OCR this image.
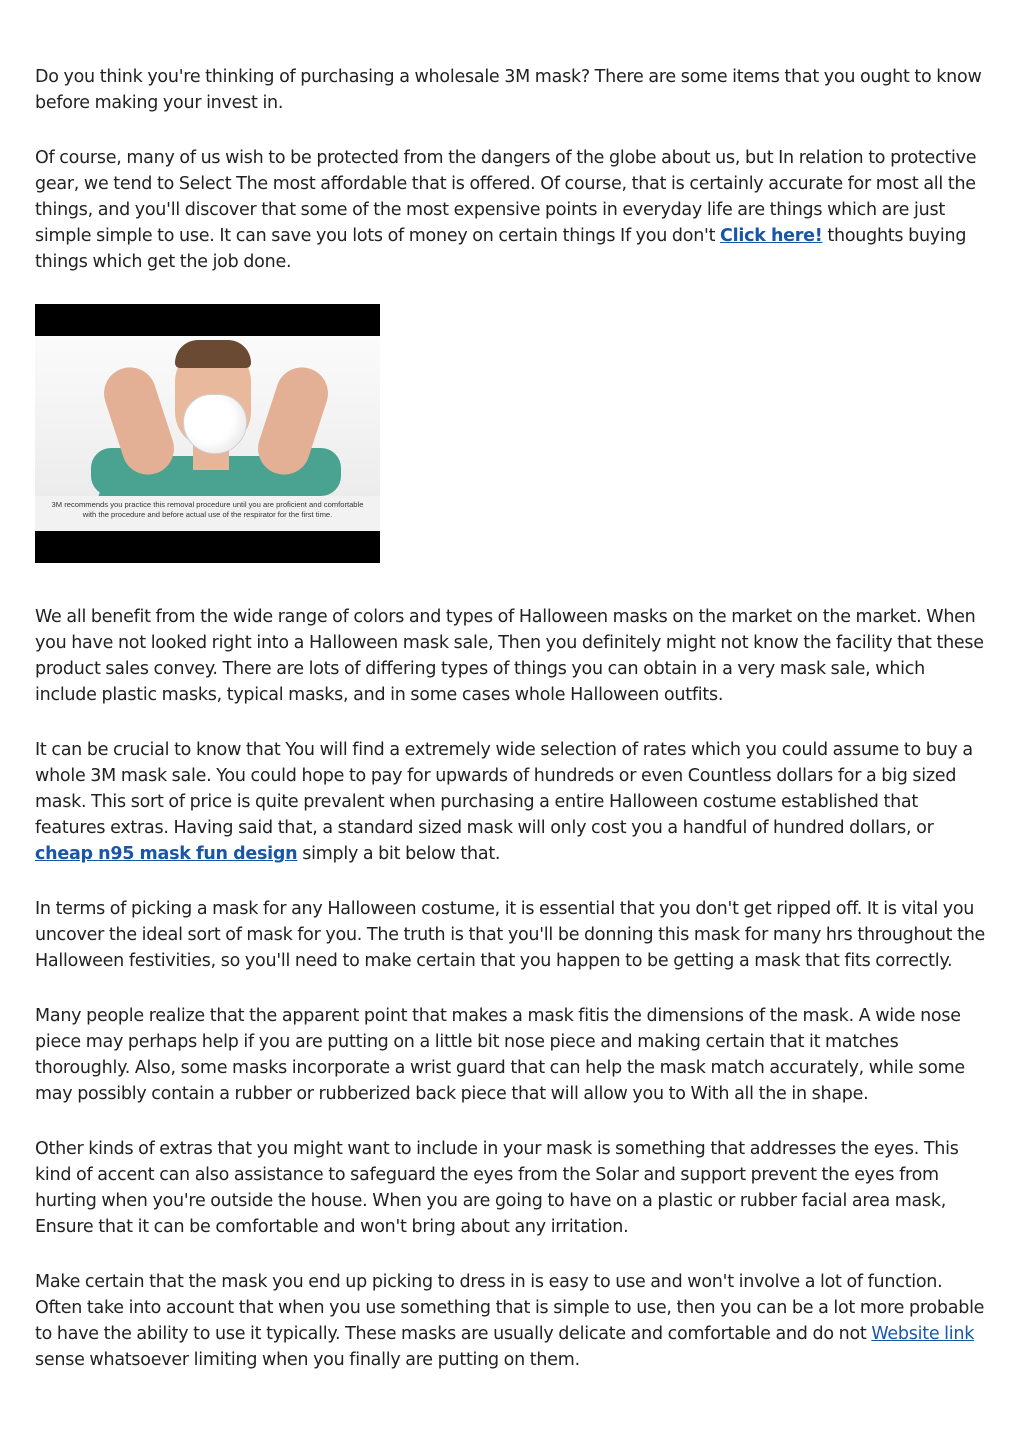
Do you think you're thinking of purchasing a wholesale 3M mask? There are some items that you ought to know before making your invest in.

Of course, many of us wish to be protected from the dangers of the globe about us, but In relation to protective gear, we tend to Select The most affordable that is offered. Of course, that is certainly accurate for most all the things, and you'll discover that some of the most expensive points in everyday life are things which are just simple simple to use. It can save you lots of money on certain things If you don't Click here! thoughts buying things which get the job done.

3M recommends you practice this removal procedure until you are proficient and comfortable
with the procedure and before actual use of the respirator for the first time.

We all benefit from the wide range of colors and types of Halloween masks on the market on the market. When you have not looked right into a Halloween mask sale, Then you definitely might not know the facility that these product sales convey. There are lots of differing types of things you can obtain in a very mask sale, which include plastic masks, typical masks, and in some cases whole Halloween outfits.

It can be crucial to know that You will find a extremely wide selection of rates which you could assume to buy a whole 3M mask sale. You could hope to pay for upwards of hundreds or even Countless dollars for a big sized mask. This sort of price is quite prevalent when purchasing a entire Halloween costume established that features extras. Having said that, a standard sized mask will only cost you a handful of hundred dollars, or cheap n95 mask fun design simply a bit below that.

In terms of picking a mask for any Halloween costume, it is essential that you don't get ripped off. It is vital you uncover the ideal sort of mask for you. The truth is that you'll be donning this mask for many hrs throughout the Halloween festivities, so you'll need to make certain that you happen to be getting a mask that fits correctly.

Many people realize that the apparent point that makes a mask fitis the dimensions of the mask. A wide nose piece may perhaps help if you are putting on a little bit nose piece and making certain that it matches thoroughly. Also, some masks incorporate a wrist guard that can help the mask match accurately, while some may possibly contain a rubber or rubberized back piece that will allow you to With all the in shape.

Other kinds of extras that you might want to include in your mask is something that addresses the eyes. This kind of accent can also assistance to safeguard the eyes from the Solar and support prevent the eyes from hurting when you're outside the house. When you are going to have on a plastic or rubber facial area mask, Ensure that it can be comfortable and won't bring about any irritation.

Make certain that the mask you end up picking to dress in is easy to use and won't involve a lot of function. Often take into account that when you use something that is simple to use, then you can be a lot more probable to have the ability to use it typically. These masks are usually delicate and comfortable and do not Website link sense whatsoever limiting when you finally are putting on them.
